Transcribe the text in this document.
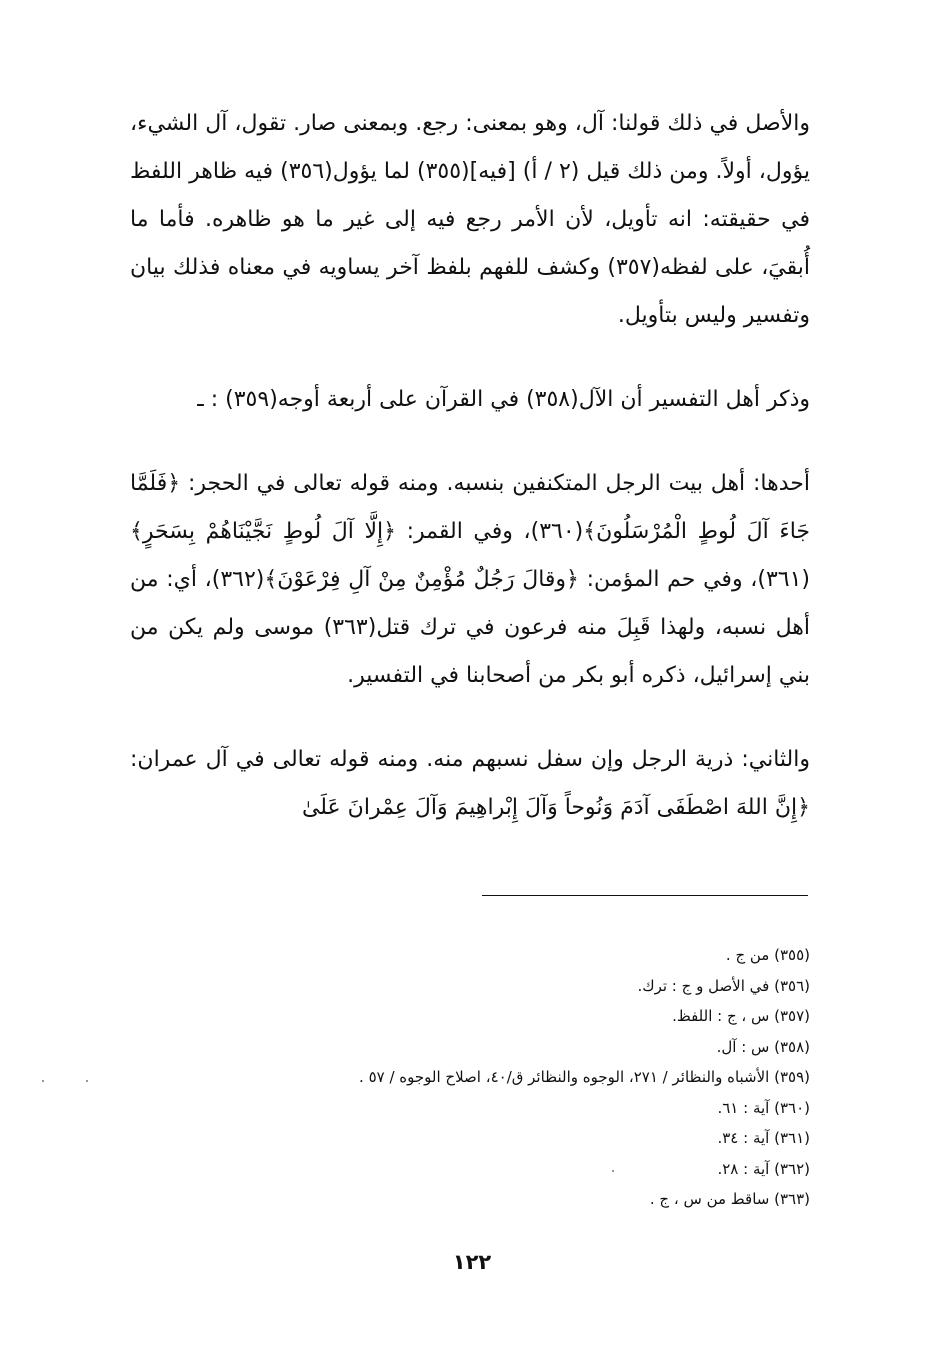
والأصل في ذلك قولنا: آل، وهو بمعنى: رجع. وبمعنى صار. تقول، آل الشيء، يؤول، أولاً. ومن ذلك قيل (٢ / أ) [فيه](٣٥٥) لما يؤول(٣٥٦) فيه ظاهر اللفظ في حقيقته: انه تأويل، لأن الأمر رجع فيه إلى غير ما هو ظاهره. فأما ما أُبقيَ، على لفظه(٣٥٧) وكشف للفهم بلفظ آخر يساويه في معناه فذلك بيان وتفسير وليس بتأويل.

وذكر أهل التفسير أن الآل(٣٥٨) في القرآن على أربعة أوجه(٣٥٩) : ـ

أحدها: أهل بيت الرجل المتكنفين بنسبه. ومنه قوله تعالى في الحجر: ﴿فَلَمَّا جَاءَ آلَ لُوطٍ الْمُرْسَلُونَ﴾(٣٦٠)، وفي القمر: ﴿إِلَّا آلَ لُوطٍ نَجَّيْنَاهُمْ بِسَحَرٍ﴾(٣٦١)، وفي حم المؤمن: ﴿وقالَ رَجُلٌ مُؤْمِنٌ مِنْ آلِ فِرْعَوْنَ﴾(٣٦٢)، أي: من أهل نسبه، ولهذا قَبِلَ منه فرعون في ترك قتل(٣٦٣) موسى ولم يكن من بني إسرائيل، ذكره أبو بكر من أصحابنا في التفسير.

والثاني: ذرية الرجل وإن سفل نسبهم منه. ومنه قوله تعالى في آل عمران: ﴿إِنَّ اللهَ اصْطَفَى آدَمَ وَنُوحاً وَآلَ إِبْراهِيمَ وَآلَ عِمْرانَ عَلَىٰ

(٣٥٥) من ج .
(٣٥٦) في الأصل و ج : ترك.
(٣٥٧) س ، ج : اللفظ.
(٣٥٨) س : آل.
(٣٥٩) الأشباه والنظائر / ٢٧١، الوجوه والنظائر ق/٤٠، اصلاح الوجوه / ٥٧ .
(٣٦٠) آية : ٦١.
(٣٦١) آية : ٣٤.
(٣٦٢) آية : ٢٨.
(٣٦٣) ساقط من س ، ج .
١٢٢
